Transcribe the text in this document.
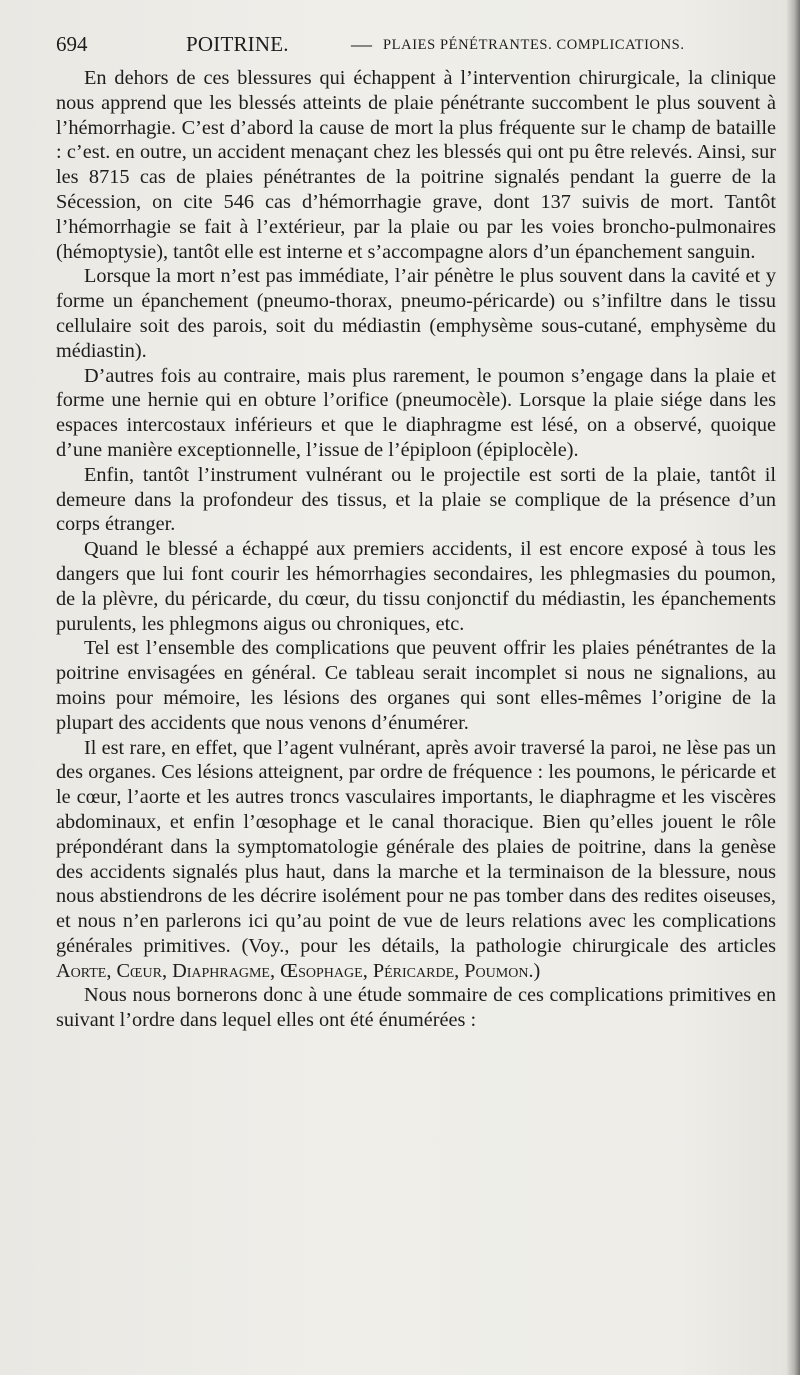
694	POITRINE.	— PLAIES PÉNÉTRANTES. COMPLICATIONS.

En dehors de ces blessures qui échappent à l’intervention chirurgicale, la clinique nous apprend que les blessés atteints de plaie pénétrante succombent le plus souvent à l’hémorrhagie. C’est d’abord la cause de mort la plus fréquente sur le champ de bataille : c’est. en outre, un accident menaçant chez les blessés qui ont pu être relevés. Ainsi, sur les 8715 cas de plaies pénétrantes de la poitrine signalés pendant la guerre de la Sécession, on cite 546 cas d’hémorrhagie grave, dont 137 suivis de mort. Tantôt l’hémorrhagie se fait à l’extérieur, par la plaie ou par les voies broncho-pulmonaires (hémoptysie), tantôt elle est interne et s’accompagne alors d’un épanchement sanguin.

Lorsque la mort n’est pas immédiate, l’air pénètre le plus souvent dans la cavité et y forme un épanchement (pneumo-thorax, pneumo-péricarde) ou s’infiltre dans le tissu cellulaire soit des parois, soit du médiastin (emphysème sous-cutané, emphysème du médiastin).

D’autres fois au contraire, mais plus rarement, le poumon s’engage dans la plaie et forme une hernie qui en obture l’orifice (pneumocèle). Lorsque la plaie siége dans les espaces intercostaux inférieurs et que le diaphragme est lésé, on a observé, quoique d’une manière exceptionnelle, l’issue de l’épiploon (épiplocèle).

Enfin, tantôt l’instrument vulnérant ou le projectile est sorti de la plaie, tantôt il demeure dans la profondeur des tissus, et la plaie se complique de la présence d’un corps étranger.

Quand le blessé a échappé aux premiers accidents, il est encore exposé à tous les dangers que lui font courir les hémorrhagies secondaires, les phlegmasies du poumon, de la plèvre, du péricarde, du cœur, du tissu conjonctif du médiastin, les épanchements purulents, les phlegmons aigus ou chroniques, etc.

Tel est l’ensemble des complications que peuvent offrir les plaies pénétrantes de la poitrine envisagées en général. Ce tableau serait incomplet si nous ne signalions, au moins pour mémoire, les lésions des organes qui sont elles-mêmes l’origine de la plupart des accidents que nous venons d’énumérer.

Il est rare, en effet, que l’agent vulnérant, après avoir traversé la paroi, ne lèse pas un des organes. Ces lésions atteignent, par ordre de fréquence : les poumons, le péricarde et le cœur, l’aorte et les autres troncs vasculaires importants, le diaphragme et les viscères abdominaux, et enfin l’œsophage et le canal thoracique. Bien qu’elles jouent le rôle prépondérant dans la symptomatologie générale des plaies de poitrine, dans la genèse des accidents signalés plus haut, dans la marche et la terminaison de la blessure, nous nous abstiendrons de les décrire isolément pour ne pas tomber dans des redites oiseuses, et nous n’en parlerons ici qu’au point de vue de leurs relations avec les complications générales primitives. (Voy., pour les détails, la pathologie chirurgicale des articles Aorte, Cœur, Diaphragme, Œsophage, Péricarde, Poumon.)

Nous nous bornerons donc à une étude sommaire de ces complications primitives en suivant l’ordre dans lequel elles ont été énumérées :
